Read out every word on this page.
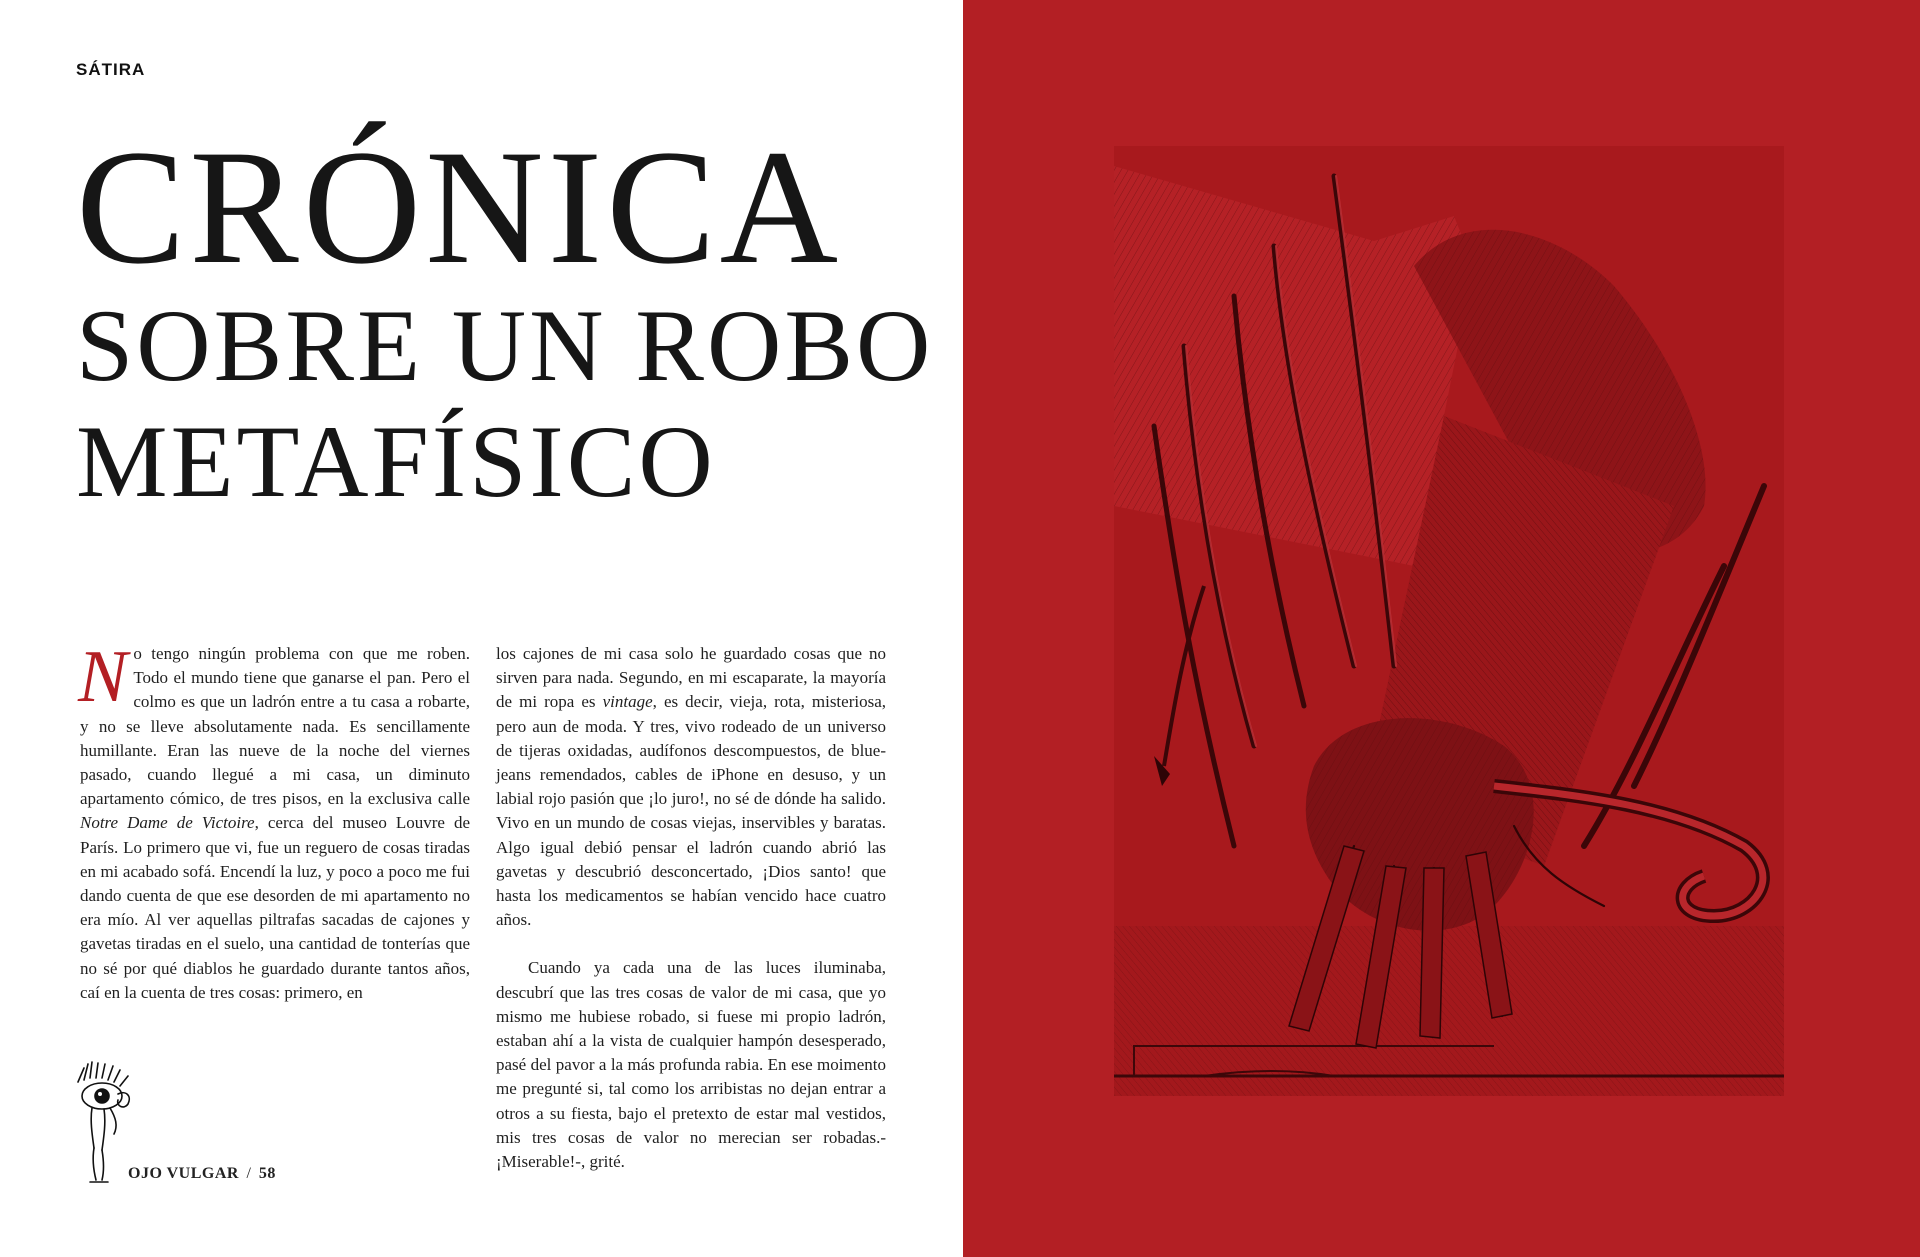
SÁTIRA
CRÓNICA
SOBRE UN ROBO
METAFÍSICO

No tengo ningún problema con que me roben. Todo el mundo tiene que ganarse el pan. Pero el colmo es que un ladrón entre a tu casa a robarte, y no se lleve absolutamente nada. Es sencillamente humillante. Eran las nueve de la noche del viernes pasado, cuando llegué a mi casa, un diminuto apartamento cómico, de tres pisos, en la exclusiva calle Notre Dame de Victoire, cerca del museo Louvre de París. Lo primero que vi, fue un reguero de cosas tiradas en mi acabado sofá. Encendí la luz, y poco a poco me fui dando cuenta de que ese desorden de mi apartamento no era mío. Al ver aquellas piltrafas sacadas de cajones y gavetas tiradas en el suelo, una cantidad de tonterías que no sé por qué diablos he guardado durante tantos años, caí en la cuenta de tres cosas: primero, en

los cajones de mi casa solo he guardado cosas que no sirven para nada. Segundo, en mi escaparate, la mayoría de mi ropa es vintage, es decir, vieja, rota, misteriosa, pero aun de moda. Y tres, vivo rodeado de un universo de tijeras oxidadas, audífonos descompuestos, de blue-jeans remendados, cables de iPhone en desuso, y un labial rojo pasión que ¡lo juro!, no sé de dónde ha salido. Vivo en un mundo de cosas viejas, inservibles y baratas. Algo igual debió pensar el ladrón cuando abrió las gavetas y descubrió desconcertado, ¡Dios santo! que hasta los medicamentos se habían vencido hace cuatro años.

Cuando ya cada una de las luces iluminaba, descubrí que las tres cosas de valor de mi casa, que yo mismo me hubiese robado, si fuese mi propio ladrón, estaban ahí a la vista de cualquier hampón desesperado, pasé del pavor a la más profunda rabia. En ese moimento me pregunté si, tal como los arribistas no dejan entrar a otros a su fiesta, bajo el pretexto de estar mal vestidos, mis tres cosas de valor no merecian ser robadas.-¡Miserable!-, grité.

OJO VULGAR / 58
